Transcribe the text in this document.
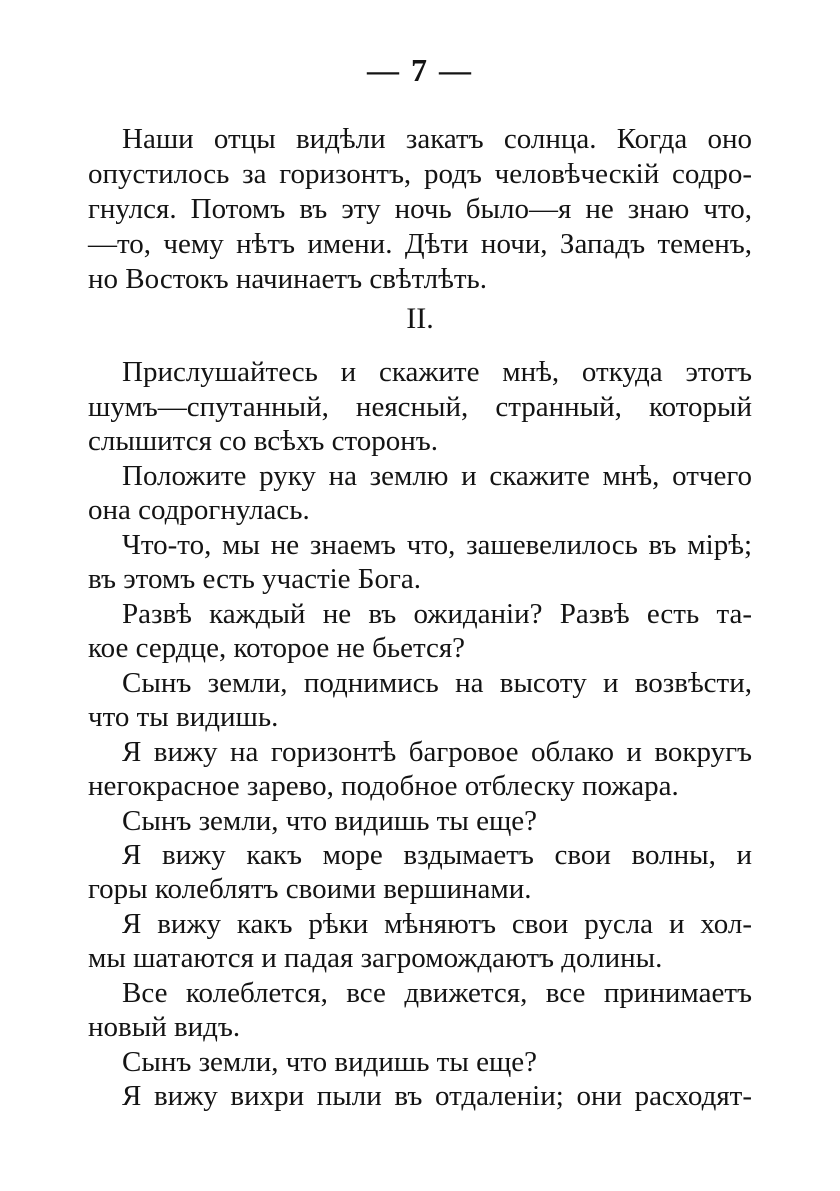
— 7 —
Наши отцы видѣли закатъ солнца. Когда оно
опустилось за горизонтъ, родъ человѣческій содро-
гнулся. Потомъ въ эту ночь было—я не знаю что,
—то, чему нѣтъ имени. Дѣти ночи, Западъ теменъ,
но Востокъ начинаетъ свѣтлѣть.
II.
Прислушайтесь и скажите мнѣ, откуда этотъ
шумъ—спутанный, неясный, странный, который
слышится со всѣхъ сторонъ.
Положите руку на землю и скажите мнѣ, отчего
она содрогнулась.
Что-то, мы не знаемъ что, зашевелилось въ мірѣ;
въ этомъ есть участіе Бога.
Развѣ каждый не въ ожиданіи? Развѣ есть та-
кое сердце, которое не бьется?
Сынъ земли, поднимись на высоту и возвѣсти,
что ты видишь.
Я вижу на горизонтѣ багровое облако и вокругъ
негокрасное зарево, подобное отблеску пожара.
Сынъ земли, что видишь ты еще?
Я вижу какъ море вздымаетъ свои волны, и
горы колеблятъ своими вершинами.
Я вижу какъ рѣки мѣняютъ свои русла и хол-
мы шатаются и падая загромождаютъ долины.
Все колеблется, все движется, все принимаетъ
новый видъ.
Сынъ земли, что видишь ты еще?
Я вижу вихри пыли въ отдаленіи; они расходят-
